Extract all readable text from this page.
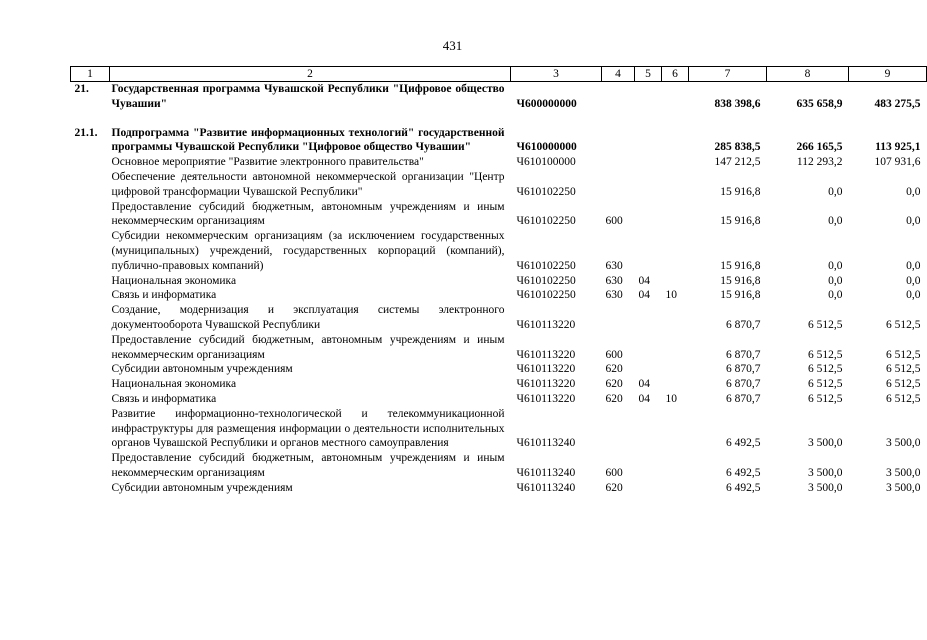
431
1	2	3	4	5	6	7	8	9
21.	Государственная программа Чувашской Республики "Цифровое общество Чувашии"	Ч600000000				838 398,6	635 658,9	483 275,5

21.1.	Подпрограмма "Развитие информационных технологий" государственной программы Чувашской Республики "Цифровое общество Чувашии"	Ч610000000				285 838,5	266 165,5	113 925,1
	Основное мероприятие "Развитие электронного правительства"	Ч610100000				147 212,5	112 293,2	107 931,6
	Обеспечение деятельности автономной некоммерческой организации "Центр цифровой трансформации Чувашской Республики"	Ч610102250				15 916,8	0,0	0,0
	Предоставление субсидий бюджетным, автономным учреждениям и иным некоммерческим организациям	Ч610102250	600			15 916,8	0,0	0,0
	Субсидии некоммерческим организациям (за исключением государственных (муниципальных) учреждений, государственных корпораций (компаний), публично-правовых компаний)	Ч610102250	630			15 916,8	0,0	0,0
	Национальная экономика	Ч610102250	630	04		15 916,8	0,0	0,0
	Связь и информатика	Ч610102250	630	04	10	15 916,8	0,0	0,0
	Создание, модернизация и эксплуатация системы электронного документооборота Чувашской Республики	Ч610113220				6 870,7	6 512,5	6 512,5
	Предоставление субсидий бюджетным, автономным учреждениям и иным некоммерческим организациям	Ч610113220	600			6 870,7	6 512,5	6 512,5
	Субсидии автономным учреждениям	Ч610113220	620			6 870,7	6 512,5	6 512,5
	Национальная экономика	Ч610113220	620	04		6 870,7	6 512,5	6 512,5
	Связь и информатика	Ч610113220	620	04	10	6 870,7	6 512,5	6 512,5
	Развитие информационно-технологической и телекоммуникационной инфраструктуры для размещения информации о деятельности исполнительных органов Чувашской Республики и органов местного самоуправления	Ч610113240				6 492,5	3 500,0	3 500,0
	Предоставление субсидий бюджетным, автономным учреждениям и иным некоммерческим организациям	Ч610113240	600			6 492,5	3 500,0	3 500,0
	Субсидии автономным учреждениям	Ч610113240	620			6 492,5	3 500,0	3 500,0
